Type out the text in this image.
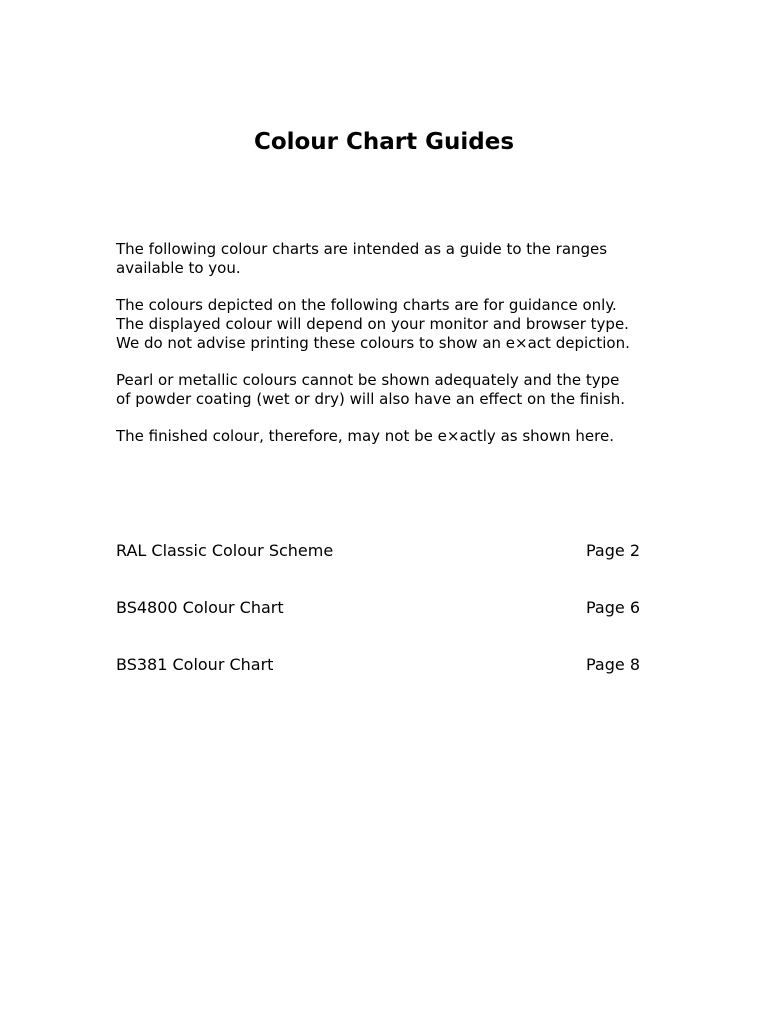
Colour Chart Guides

The following colour charts are intended as a guide to the ranges
available to you.

The colours depicted on the following charts are for guidance only.
The displayed colour will depend on your monitor and browser type.
We do not advise printing these colours to show an e×act depiction.

Pearl or metallic colours cannot be shown adequately and the type
of powder coating (wet or dry) will also have an effect on the finish.

The finished colour, therefore, may not be e×actly as shown here.

RAL Classic Colour Scheme	Page 2
BS4800 Colour Chart	Page 6
BS381 Colour Chart	Page 8
